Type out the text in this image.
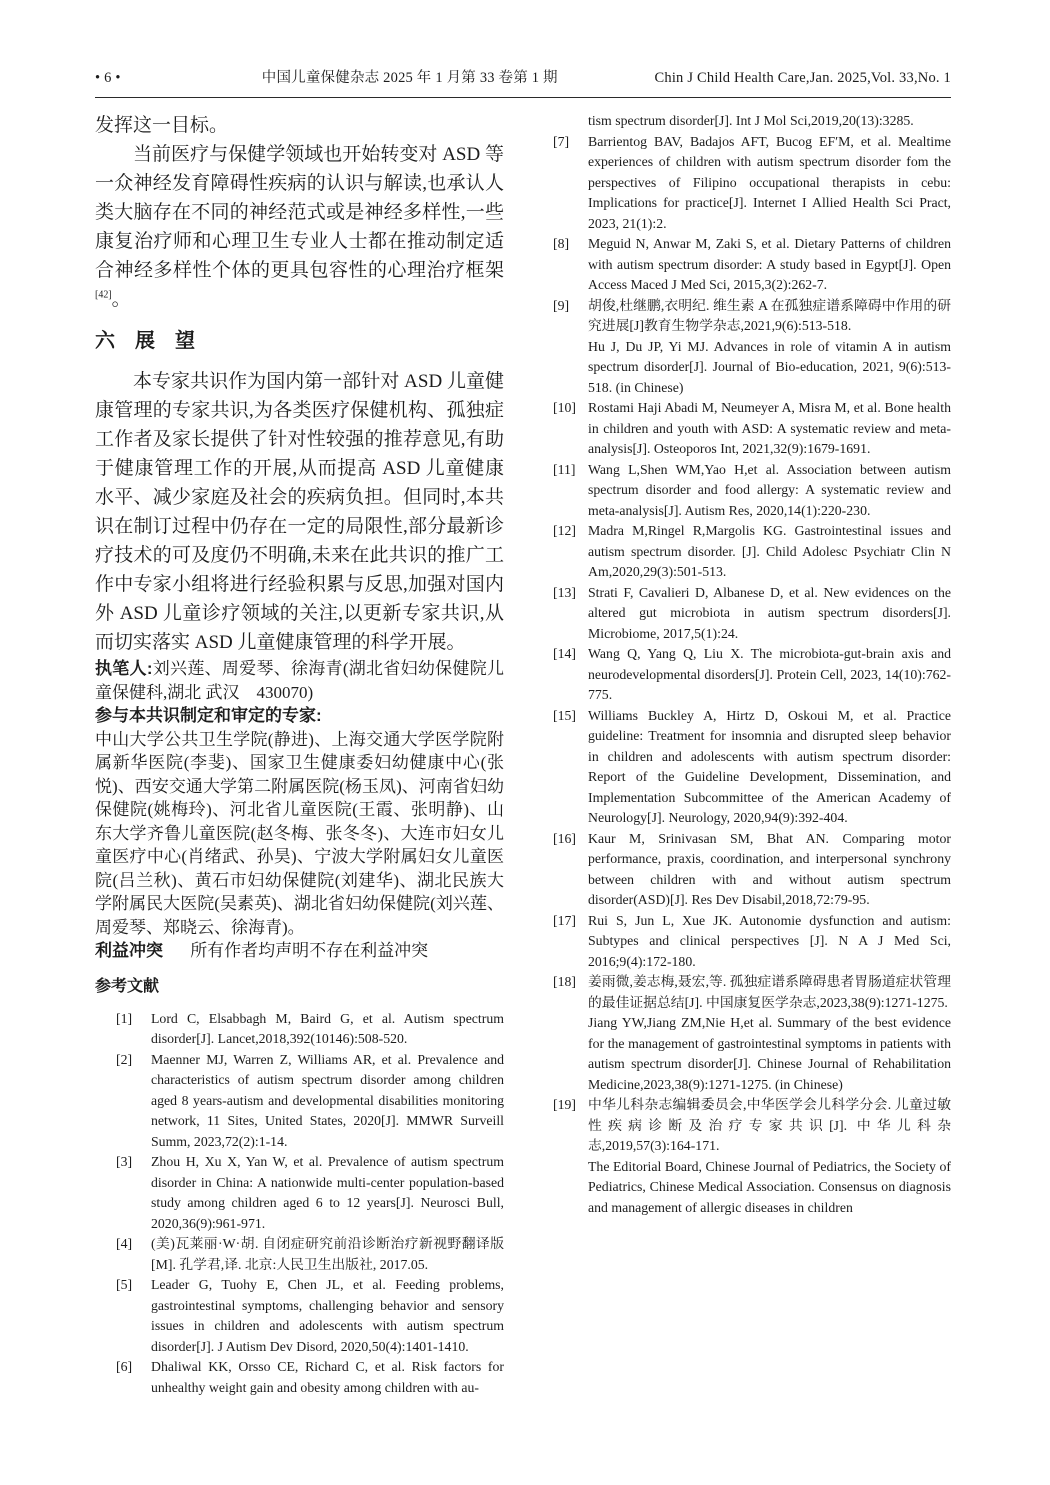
• 6 •	中国儿童保健杂志 2025 年 1 月第 33 卷第 1 期	Chin J Child Health Care,Jan. 2025,Vol. 33,No. 1

发挥这一目标。

当前医疗与保健学领域也开始转变对 ASD 等一众神经发育障碍性疾病的认识与解读,也承认人类大脑存在不同的神经范式或是神经多样性,一些康复治疗师和心理卫生专业人士都在推动制定适合神经多样性个体的更具包容性的心理治疗框架[42]。

六　展　望

本专家共识作为国内第一部针对 ASD 儿童健康管理的专家共识,为各类医疗保健机构、孤独症工作者及家长提供了针对性较强的推荐意见,有助于健康管理工作的开展,从而提高 ASD 儿童健康水平、减少家庭及社会的疾病负担。但同时,本共识在制订过程中仍存在一定的局限性,部分最新诊疗技术的可及度仍不明确,未来在此共识的推广工作中专家小组将进行经验积累与反思,加强对国内外 ASD 儿童诊疗领域的关注,以更新专家共识,从而切实落实 ASD 儿童健康管理的科学开展。

执笔人:刘兴莲、周爱琴、徐海青(湖北省妇幼保健院儿童保健科,湖北 武汉 430070)

参与本共识制定和审定的专家:

中山大学公共卫生学院(静进)、上海交通大学医学院附属新华医院(李斐)、国家卫生健康委妇幼健康中心(张悦)、西安交通大学第二附属医院(杨玉凤)、河南省妇幼保健院(姚梅玲)、河北省儿童医院(王霞、张明静)、山东大学齐鲁儿童医院(赵冬梅、张冬冬)、大连市妇女儿童医疗中心(肖绪武、孙昊)、宁波大学附属妇女儿童医院(吕兰秋)、黄石市妇幼保健院(刘建华)、湖北民族大学附属民大医院(吴素英)、湖北省妇幼保健院(刘兴莲、周爱琴、郑晓云、徐海青)。

利益冲突 所有作者均声明不存在利益冲突

参考文献
[1]	Lord C, Elsabbagh M, Baird G, et al. Autism spectrum disorder[J]. Lancet,2018,392(10146):508-520.
[2]	Maenner MJ, Warren Z, Williams AR, et al. Prevalence and characteristics of autism spectrum disorder among children aged 8 years-autism and developmental disabilities monitoring network, 11 Sites, United States, 2020[J]. MMWR Surveill Summ, 2023,72(2):1-14.
[3]	Zhou H, Xu X, Yan W, et al. Prevalence of autism spectrum disorder in China: A nationwide multi-center population-based study among children aged 6 to 12 years[J]. Neurosci Bull, 2020,36(9):961-971.
[4]	(美)瓦莱丽·W·胡. 自闭症研究前沿诊断治疗新视野翻译版[M]. 孔学君,译. 北京:人民卫生出版社, 2017.05.
[5]	Leader G, Tuohy E, Chen JL, et al. Feeding problems, gastrointestinal symptoms, challenging behavior and sensory issues in children and adolescents with autism spectrum disorder[J]. J Autism Dev Disord, 2020,50(4):1401-1410.
[6]	Dhaliwal KK, Orsso CE, Richard C, et al. Risk factors for unhealthy weight gain and obesity among children with au-
tism spectrum disorder[J]. Int J Mol Sci,2019,20(13):3285.
[7]	Barrientog BAV, Badajos AFT, Bucog EF′M, et al. Mealtime experiences of children with autism spectrum disorder fom the perspectives of Filipino occupational therapists in cebu: Implications for practice[J]. Internet I Allied Health Sci Pract, 2023, 21(1):2.
[8]	Meguid N, Anwar M, Zaki S, et al. Dietary Patterns of children with autism spectrum disorder: A study based in Egypt[J]. Open Access Maced J Med Sci, 2015,3(2):262-7.
[9]	胡俊,杜继鹏,衣明纪. 维生素 A 在孤独症谱系障碍中作用的研究进展[J]教育生物学杂志,2021,9(6):513-518.
Hu J, Du JP, Yi MJ. Advances in role of vitamin A in autism spectrum disorder[J]. Journal of Bio-education, 2021, 9(6):513-518. (in Chinese)
[10] Rostami Haji Abadi M, Neumeyer A, Misra M, et al. Bone health in children and youth with ASD: A systematic review and meta-analysis[J]. Osteoporos Int, 2021,32(9):1679-1691.
[11] Wang L,Shen WM,Yao H,et al. Association between autism spectrum disorder and food allergy: A systematic review and meta-analysis[J]. Autism Res, 2020,14(1):220-230.
[12] Madra M,Ringel R,Margolis KG. Gastrointestinal issues and autism spectrum disorder. [J]. Child Adolesc Psychiatr Clin N Am,2020,29(3):501-513.
[13] Strati F, Cavalieri D, Albanese D, et al. New evidences on the altered gut microbiota in autism spectrum disorders[J]. Microbiome, 2017,5(1):24.
[14] Wang Q, Yang Q, Liu X. The microbiota-gut-brain axis and neurodevelopmental disorders[J]. Protein Cell, 2023, 14(10):762-775.
[15] Williams Buckley A, Hirtz D, Oskoui M, et al. Practice guideline: Treatment for insomnia and disrupted sleep behavior in children and adolescents with autism spectrum disorder: Report of the Guideline Development, Dissemination, and Implementation Subcommittee of the American Academy of Neurology[J]. Neurology, 2020,94(9):392-404.
[16] Kaur M, Srinivasan SM, Bhat AN. Comparing motor performance, praxis, coordination, and interpersonal synchrony between children with and without autism spectrum disorder(ASD)[J]. Res Dev Disabil,2018,72:79-95.
[17] Rui S, Jun L, Xue JK. Autonomie dysfunction and autism: Subtypes and clinical perspectives [J]. N A J Med Sci, 2016;9(4):172-180.
[18] 姜雨微,姜志梅,聂宏,等. 孤独症谱系障碍患者胃肠道症状管理的最佳证据总结[J]. 中国康复医学杂志,2023,38(9):1271-1275.
Jiang YW,Jiang ZM,Nie H,et al. Summary of the best evidence for the management of gastrointestinal symptoms in patients with autism spectrum disorder[J]. Chinese Journal of Rehabilitation Medicine,2023,38(9):1271-1275. (in Chinese)
[19] 中华儿科杂志编辑委员会,中华医学会儿科学分会. 儿童过敏性疾病诊断及治疗专家共识[J]. 中华儿科杂志,2019,57(3):164-171.
The Editorial Board, Chinese Journal of Pediatrics, the Society of Pediatrics, Chinese Medical Association. Consensus on diagnosis and management of allergic diseases in children
